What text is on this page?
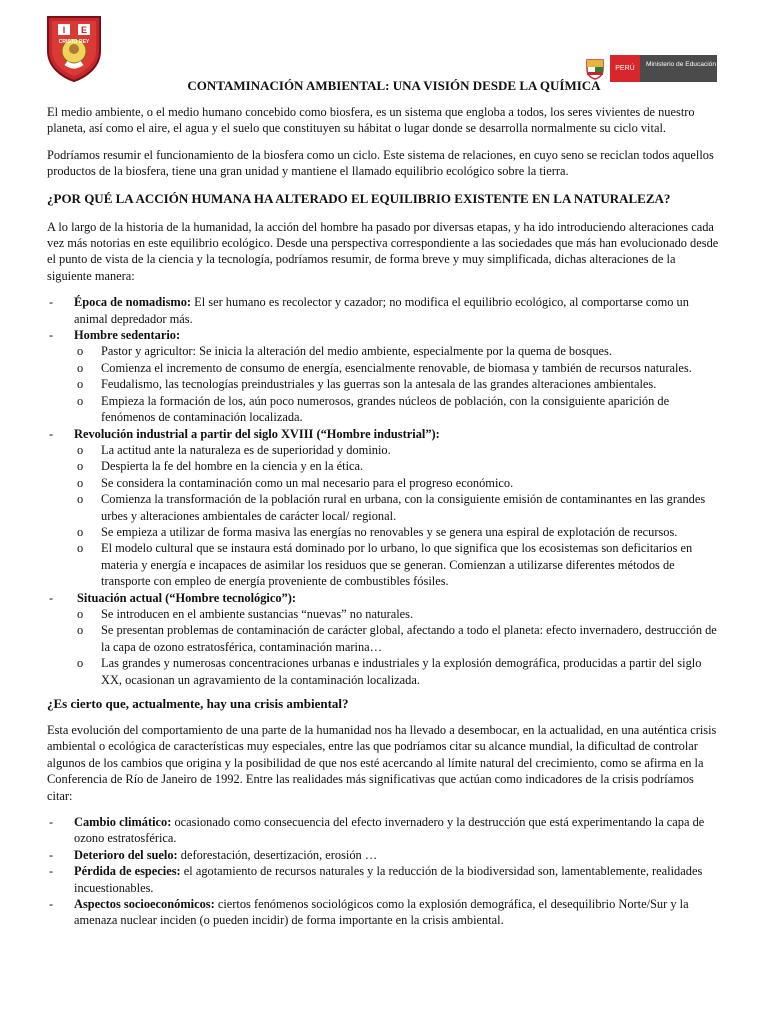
I E
CRISTO REY
PERÚ
Ministerio de Educación
CONTAMINACIÓN AMBIENTAL: UNA VISIÓN DESDE LA QUÍMICA

El medio ambiente, o el medio humano concebido como biosfera, es un sistema que engloba a todos, los seres vivientes de nuestro planeta, así como el aire, el agua y el suelo que constituyen su hábitat o lugar donde se desarrolla normalmente su ciclo vital.

Podríamos resumir el funcionamiento de la biosfera como un ciclo. Este sistema de relaciones, en cuyo seno se reciclan todos aquellos productos de la biosfera, tiene una gran unidad y mantiene el llamado equilibrio ecológico sobre la tierra.

¿POR QUÉ LA ACCIÓN HUMANA HA ALTERADO EL EQUILIBRIO EXISTENTE EN LA NATURALEZA?

A lo largo de la historia de la humanidad, la acción del hombre ha pasado por diversas etapas, y ha ido introduciendo alteraciones cada vez más notorias en este equilibrio ecológico. Desde una perspectiva correspondiente a las sociedades que más han evolucionado desde el punto de vista de la ciencia y la tecnología, podríamos resumir, de forma breve y muy simplificada, dichas alteraciones de la siguiente manera:

- Época de nomadismo: El ser humano es recolector y cazador; no modifica el equilibrio ecológico, al comportarse como un animal depredador más.
- Hombre sedentario:
o Pastor y agricultor: Se inicia la alteración del medio ambiente, especialmente por la quema de bosques.
o Comienza el incremento de consumo de energía, esencialmente renovable, de biomasa y también de recursos naturales.
o Feudalismo, las tecnologías preindustriales y las guerras son la antesala de las grandes alteraciones ambientales.
o Empieza la formación de los, aún poco numerosos, grandes núcleos de población, con la consiguiente aparición de fenómenos de contaminación localizada.
- Revolución industrial a partir del siglo XVIII (“Hombre industrial”):
o La actitud ante la naturaleza es de superioridad y dominio.
o Despierta la fe del hombre en la ciencia y en la ética.
o Se considera la contaminación como un mal necesario para el progreso económico.
o Comienza la transformación de la población rural en urbana, con la consiguiente emisión de contaminantes en las grandes urbes y alteraciones ambientales de carácter local/ regional.
o Se empieza a utilizar de forma masiva las energías no renovables y se genera una espiral de explotación de recursos.
o El modelo cultural que se instaura está dominado por lo urbano, lo que significa que los ecosistemas son deficitarios en materia y energía e incapaces de asimilar los residuos que se generan. Comienzan a utilizarse diferentes métodos de transporte con empleo de energía proveniente de combustibles fósiles.
- Situación actual (“Hombre tecnológico”):
o Se introducen en el ambiente sustancias “nuevas” no naturales.
o Se presentan problemas de contaminación de carácter global, afectando a todo el planeta: efecto invernadero, destrucción de la capa de ozono estratosférica, contaminación marina…
o Las grandes y numerosas concentraciones urbanas e industriales y la explosión demográfica, producidas a partir del siglo XX, ocasionan un agravamiento de la contaminación localizada.
¿Es cierto que, actualmente, hay una crisis ambiental?

Esta evolución del comportamiento de una parte de la humanidad nos ha llevado a desembocar, en la actualidad, en una auténtica crisis ambiental o ecológica de características muy especiales, entre las que podríamos citar su alcance mundial, la dificultad de controlar algunos de los cambios que origina y la posibilidad de que nos esté acercando al límite natural del crecimiento, como se afirma en la Conferencia de Río de Janeiro de 1992. Entre las realidades más significativas que actúan como indicadores de la crisis podríamos citar:

- Cambio climático: ocasionado como consecuencia del efecto invernadero y la destrucción que está experimentando la capa de ozono estratosférica.
- Deterioro del suelo: deforestación, desertización, erosión …
- Pérdida de especies: el agotamiento de recursos naturales y la reducción de la biodiversidad son, lamentablemente, realidades incuestionables.
- Aspectos socioeconómicos: ciertos fenómenos sociológicos como la explosión demográfica, el desequilibrio Norte/Sur y la amenaza nuclear inciden (o pueden incidir) de forma importante en la crisis ambiental.
